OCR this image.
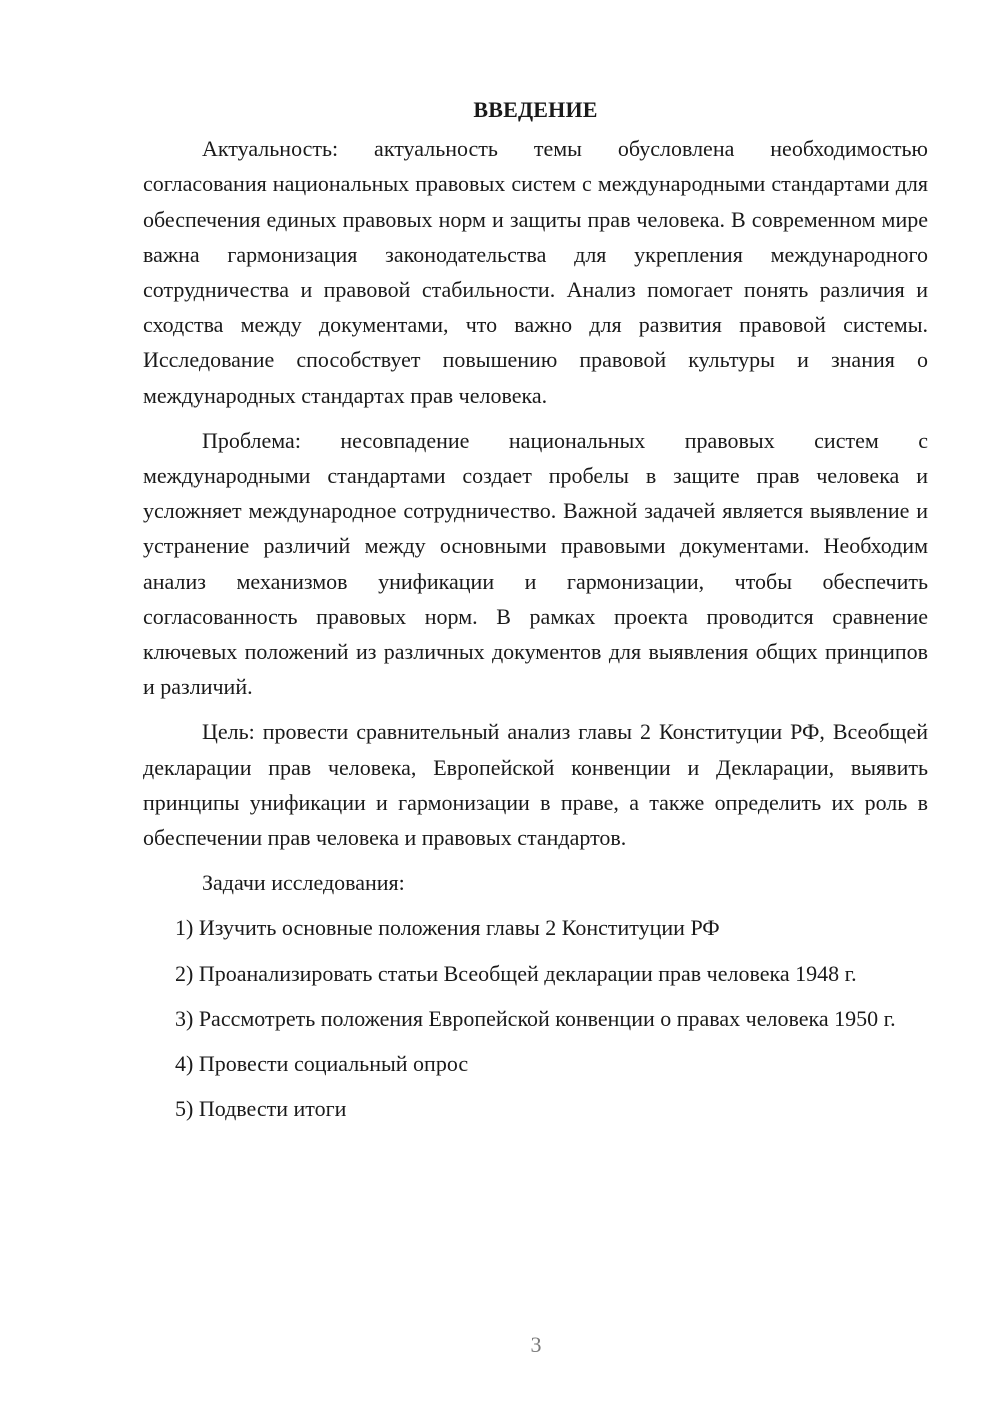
ВВЕДЕНИЕ

Актуальность: актуальность темы обусловлена необходимостью согласования национальных правовых систем с международными стандартами для обеспечения единых правовых норм и защиты прав человека. В современном мире важна гармонизация законодательства для укрепления международного сотрудничества и правовой стабильности. Анализ помогает понять различия и сходства между документами, что важно для развития правовой системы. Исследование способствует повышению правовой культуры и знания о международных стандартах прав человека.

Проблема: несовпадение национальных правовых систем с международными стандартами создает пробелы в защите прав человека и усложняет международное сотрудничество. Важной задачей является выявление и устранение различий между основными правовыми документами. Необходим анализ механизмов унификации и гармонизации, чтобы обеспечить согласованность правовых норм. В рамках проекта проводится сравнение ключевых положений из различных документов для выявления общих принципов и различий.

Цель: провести сравнительный анализ главы 2 Конституции РФ, Всеобщей декларации прав человека, Европейской конвенции и Декларации, выявить принципы унификации и гармонизации в праве, а также определить их роль в обеспечении прав человека и правовых стандартов.

Задачи исследования:

1) Изучить основные положения главы 2 Конституции РФ

2) Проанализировать статьи Всеобщей декларации прав человека 1948 г.

3) Рассмотреть положения Европейской конвенции о правах человека 1950 г.

4) Провести социальный опрос

5) Подвести итоги

3
